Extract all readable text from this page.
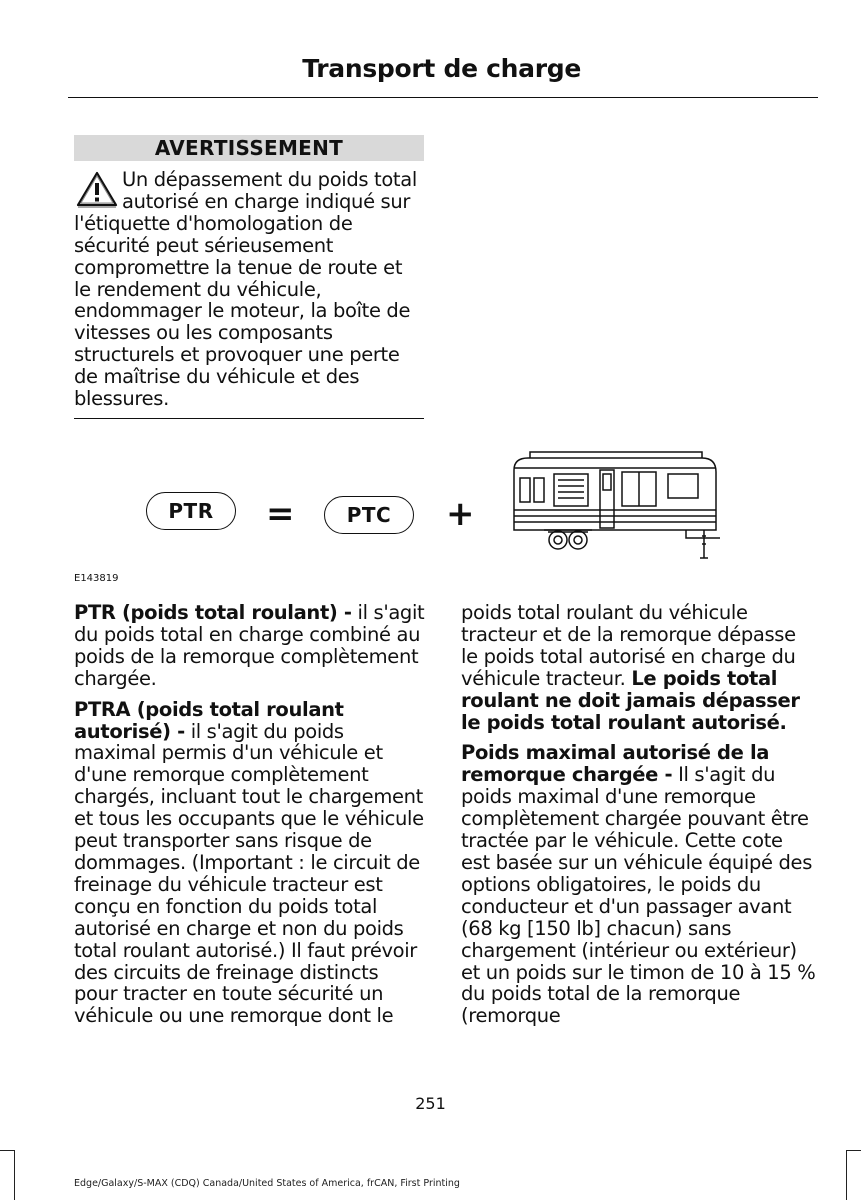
Transport de charge
AVERTISSEMENT
Un dépassement du poids total autorisé en charge indiqué sur l'étiquette d'homologation de sécurité peut sérieusement compromettre la tenue de route et le rendement du véhicule, endommager le moteur, la boîte de vitesses ou les composants structurels et provoquer une perte de maîtrise du véhicule et des blessures.
PTR	=	PTC	+
E143819

PTR (poids total roulant) - il s'agit du poids total en charge combiné au poids de la remorque complètement chargée.

PTRA (poids total roulant autorisé) - il s'agit du poids maximal permis d'un véhicule et d'une remorque complètement chargés, incluant tout le chargement et tous les occupants que le véhicule peut transporter sans risque de dommages. (Important : le circuit de freinage du véhicule tracteur est conçu en fonction du poids total autorisé en charge et non du poids total roulant autorisé.) Il faut prévoir des circuits de freinage distincts pour tracter en toute sécurité un véhicule ou une remorque dont le

poids total roulant du véhicule tracteur et de la remorque dépasse le poids total autorisé en charge du véhicule tracteur. Le poids total roulant ne doit jamais dépasser le poids total roulant autorisé.

Poids maximal autorisé de la remorque chargée - Il s'agit du poids maximal d'une remorque complètement chargée pouvant être tractée par le véhicule. Cette cote est basée sur un véhicule équipé des options obligatoires, le poids du conducteur et d'un passager avant (68 kg [150 lb] chacun) sans chargement (intérieur ou extérieur) et un poids sur le timon de 10 à 15 % du poids total de la remorque (remorque

251
Edge/Galaxy/S-MAX (CDQ) Canada/United States of America, frCAN, First Printing
